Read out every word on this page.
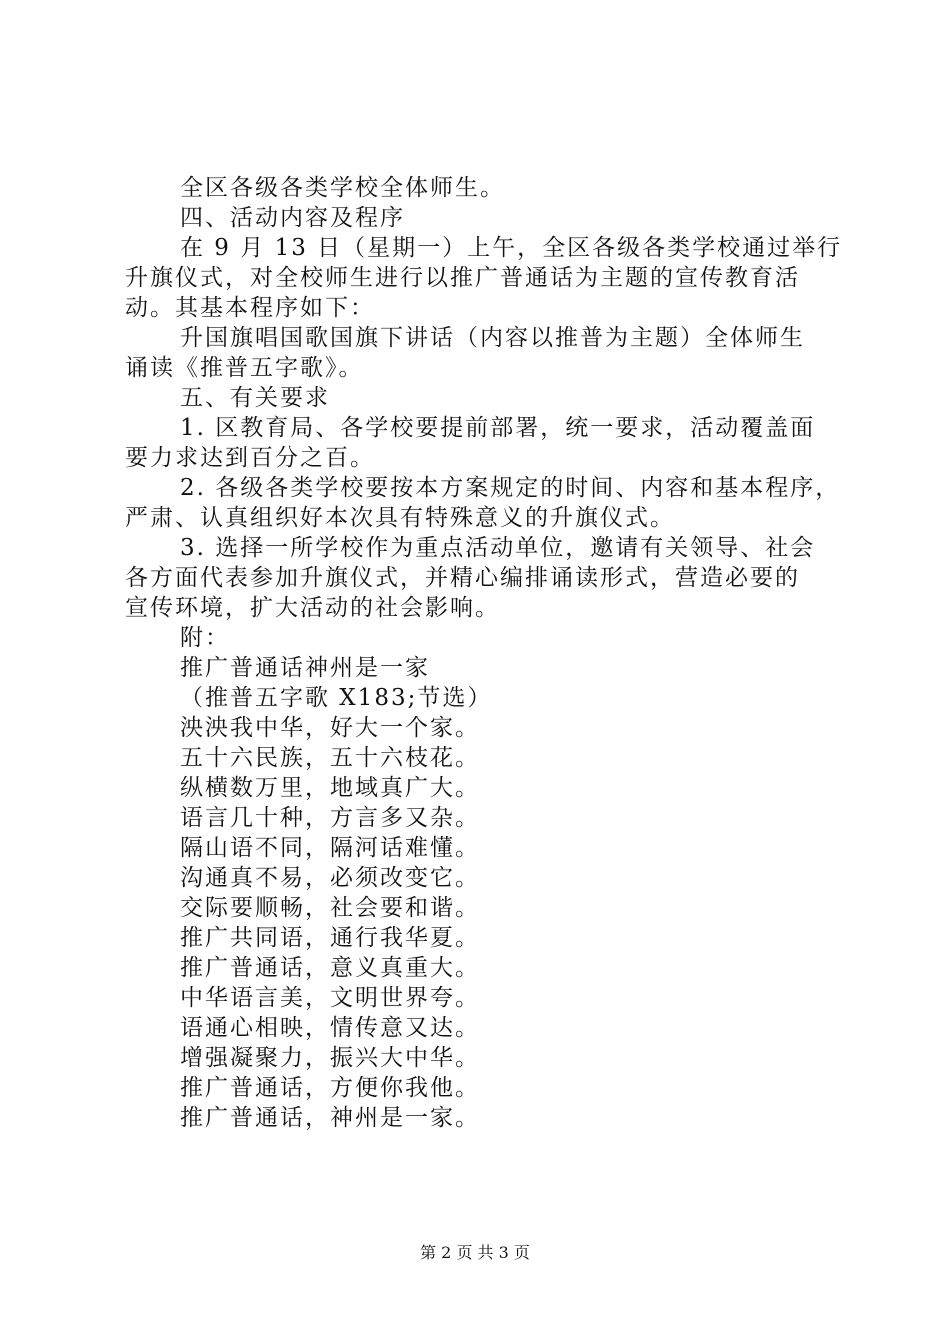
全区各级各类学校全体师生。
四、活动内容及程序
在 9 月 13 日（星期一）上午，全区各级各类学校通过举行
升旗仪式，对全校师生进行以推广普通话为主题的宣传教育活
动。其基本程序如下：
升国旗唱国歌国旗下讲话（内容以推普为主题）全体师生
诵读《推普五字歌》。
五、有关要求
1. 区教育局、各学校要提前部署，统一要求，活动覆盖面
要力求达到百分之百。
2. 各级各类学校要按本方案规定的时间、内容和基本程序，
严肃、认真组织好本次具有特殊意义的升旗仪式。
3. 选择一所学校作为重点活动单位，邀请有关领导、社会
各方面代表参加升旗仪式，并精心编排诵读形式，营造必要的
宣传环境，扩大活动的社会影响。
附：
推广普通话神州是一家
（推普五字歌 X183;节选）
泱泱我中华，好大一个家。
五十六民族，五十六枝花。
纵横数万里，地域真广大。
语言几十种，方言多又杂。
隔山语不同，隔河话难懂。
沟通真不易，必须改变它。
交际要顺畅，社会要和谐。
推广共同语，通行我华夏。
推广普通话，意义真重大。
中华语言美，文明世界夸。
语通心相映，情传意又达。
增强凝聚力，振兴大中华。
推广普通话，方便你我他。
推广普通话，神州是一家。
第 2 页 共 3 页
